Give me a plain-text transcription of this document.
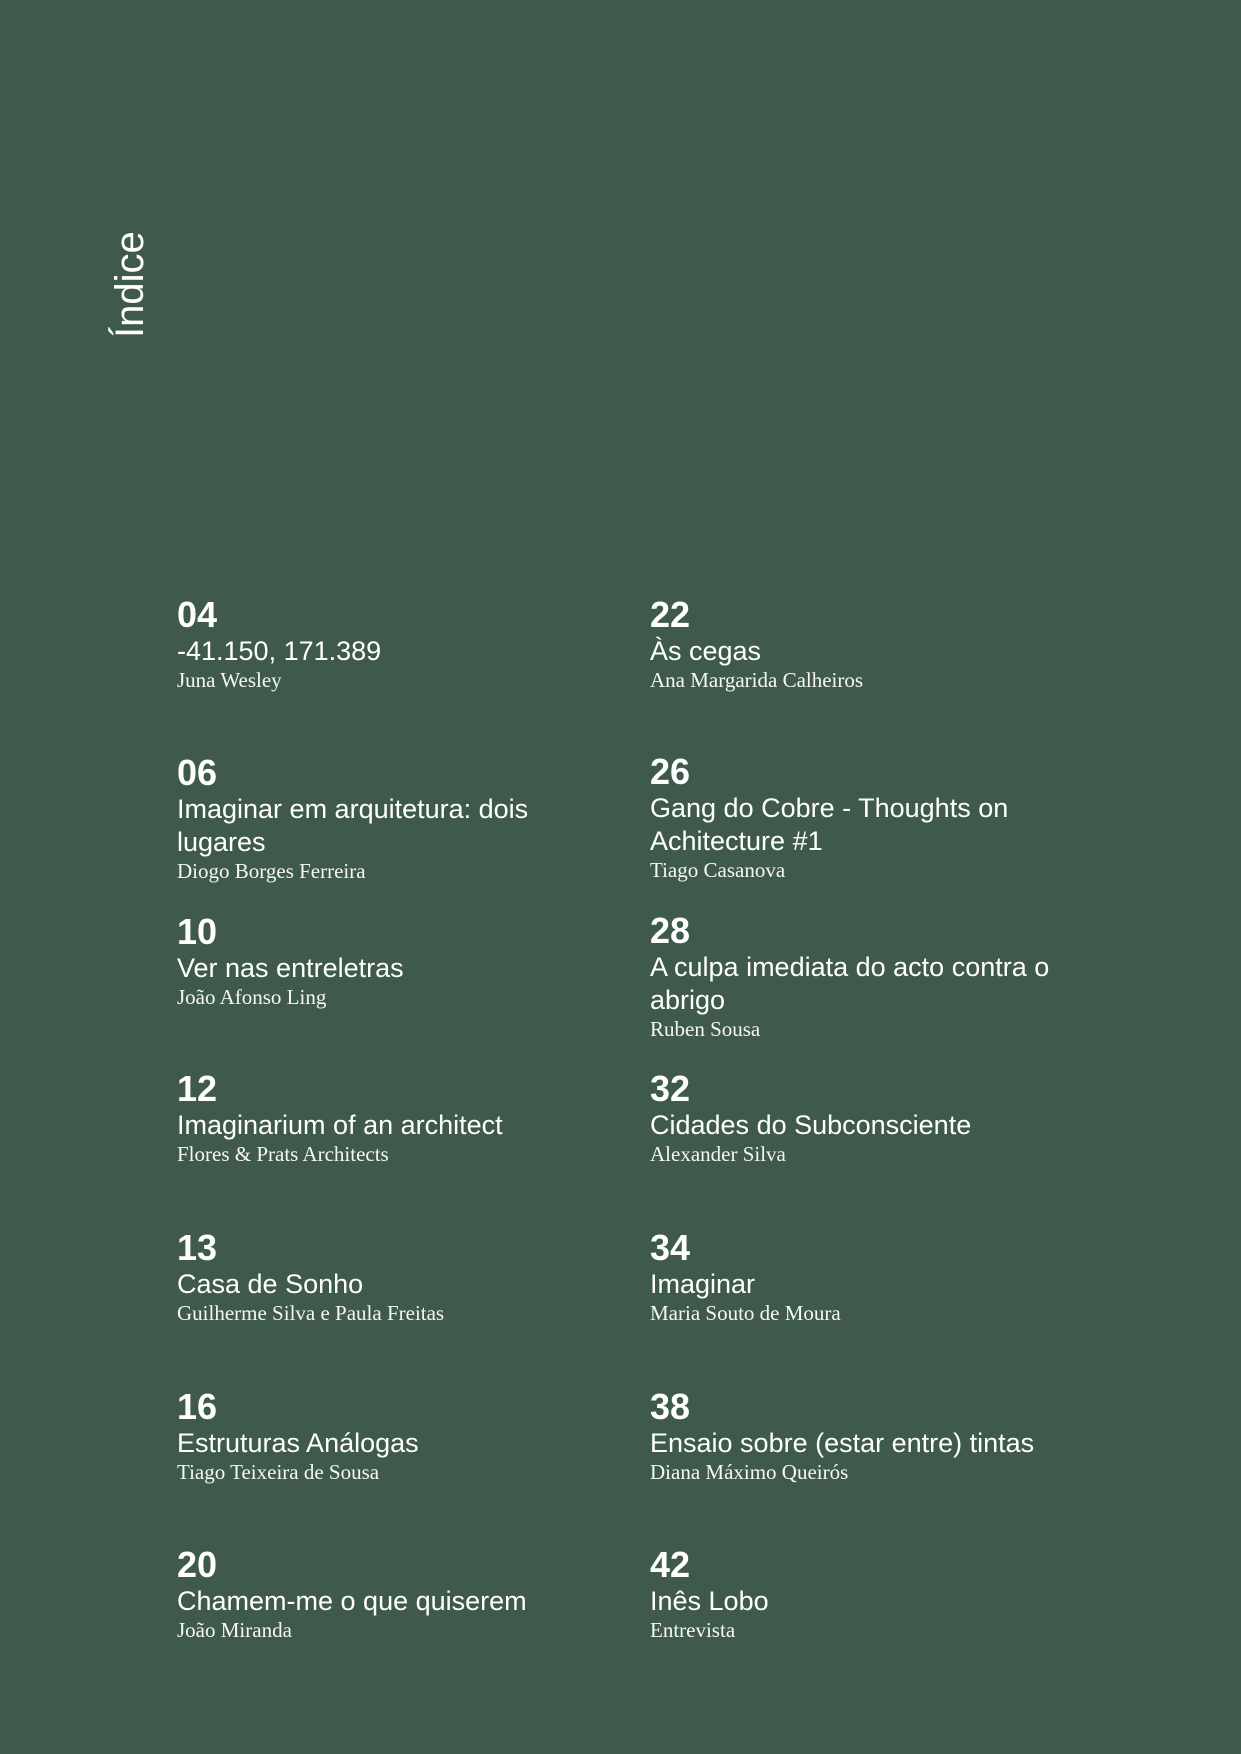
Índice
04
-41.150, 171.389
Juna Wesley
06
Imaginar em arquitetura: dois lugares
Diogo Borges Ferreira
10
Ver nas entreletras
João Afonso Ling
12
Imaginarium of an architect
Flores & Prats Architects
13
Casa de Sonho
Guilherme Silva e Paula Freitas
16
Estruturas Análogas
Tiago Teixeira de Sousa
20
Chamem-me o que quiserem
João Miranda
22
Às cegas
Ana Margarida Calheiros
26
Gang do Cobre - Thoughts on Achitecture #1
Tiago Casanova
28
A culpa imediata do acto contra o abrigo
Ruben Sousa
32
Cidades do Subconsciente
Alexander Silva
34
Imaginar
Maria Souto de Moura
38
Ensaio sobre (estar entre) tintas
Diana Máximo Queirós
42
Inês Lobo
Entrevista
